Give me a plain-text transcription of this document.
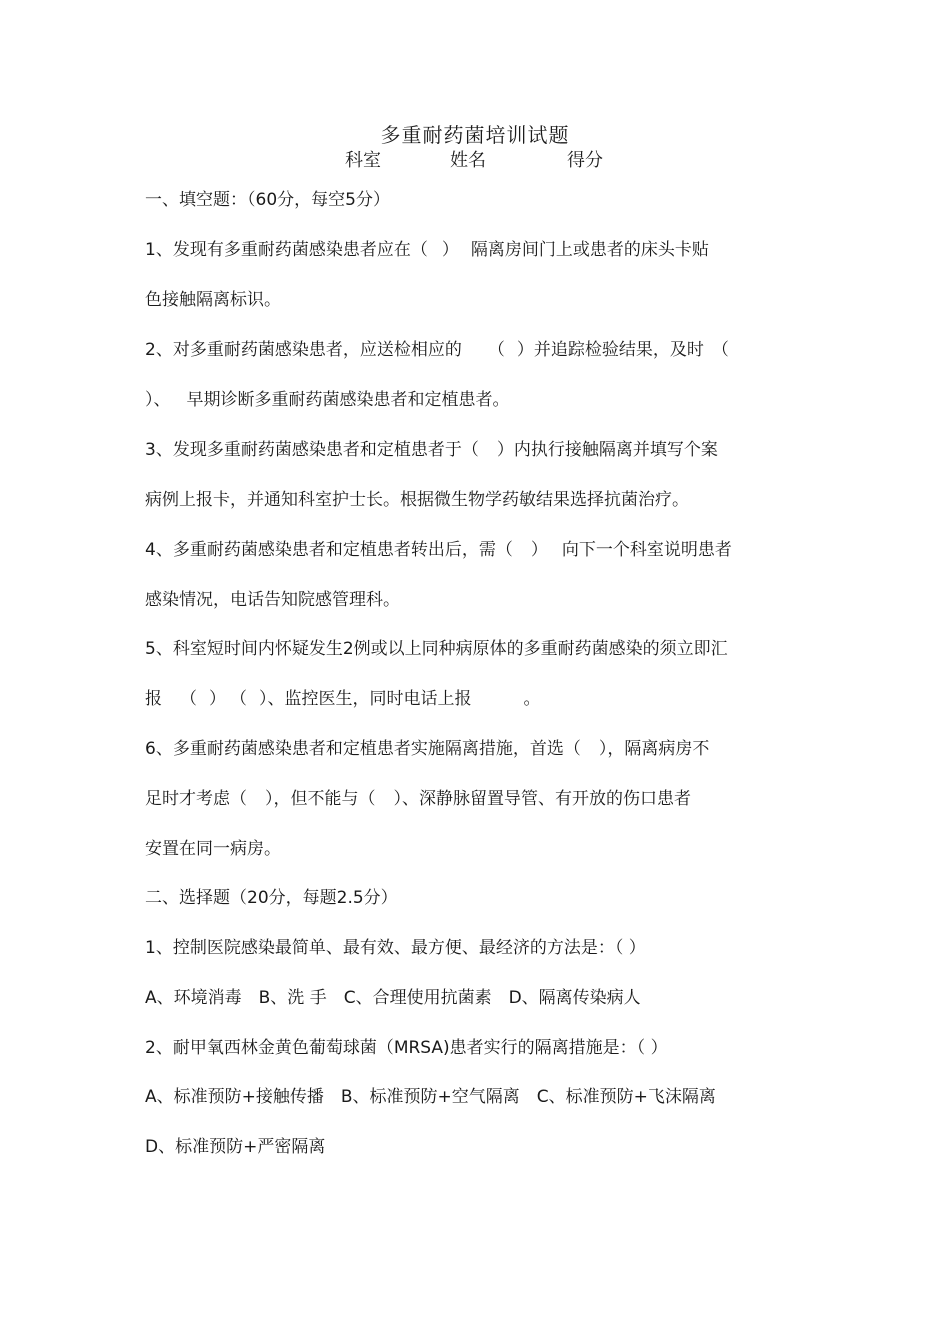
多重耐药菌培训试题
科室	姓名	得分
一、填空题：（60分，每空5分）
1、发现有多重耐药菌感染患者应在（ ） 隔离房间门上或患者的床头卡贴
色接触隔离标识。
2、对多重耐药菌感染患者，应送检相应的 （ ）并追踪检验结果，及时 （
）、 早期诊断多重耐药菌感染患者和定植患者。
3、发现多重耐药菌感染患者和定植患者于（ ）内执行接触隔离并填写个案
病例上报卡，并通知科室护士长。根据微生物学药敏结果选择抗菌治疗。
4、多重耐药菌感染患者和定植患者转出后，需（ ） 向下一个科室说明患者
感染情况，电话告知院感管理科。
5、科室短时间内怀疑发生2例或以上同种病原体的多重耐药菌感染的须立即汇
报 （ ） （ ）、监控医生，同时电话上报	。
6、多重耐药菌感染患者和定植患者实施隔离措施，首选（ ），隔离病房不
足时才考虑（ ），但不能与（ ）、深静脉留置导管、有开放的伤口患者
安置在同一病房。
二、选择题（20分，每题2.5分）
1、控制医院感染最简单、最有效、最方便、最经济的方法是：（ ）
A、环境消毒　B、洗 手　C、合理使用抗菌素　D、隔离传染病人
2、耐甲氧西林金黄色葡萄球菌（MRSA)患者实行的隔离措施是：（ ）
A、标准预防+接触传播　B、标准预防+空气隔离　C、标准预防+飞沫隔离
D、标准预防+严密隔离
